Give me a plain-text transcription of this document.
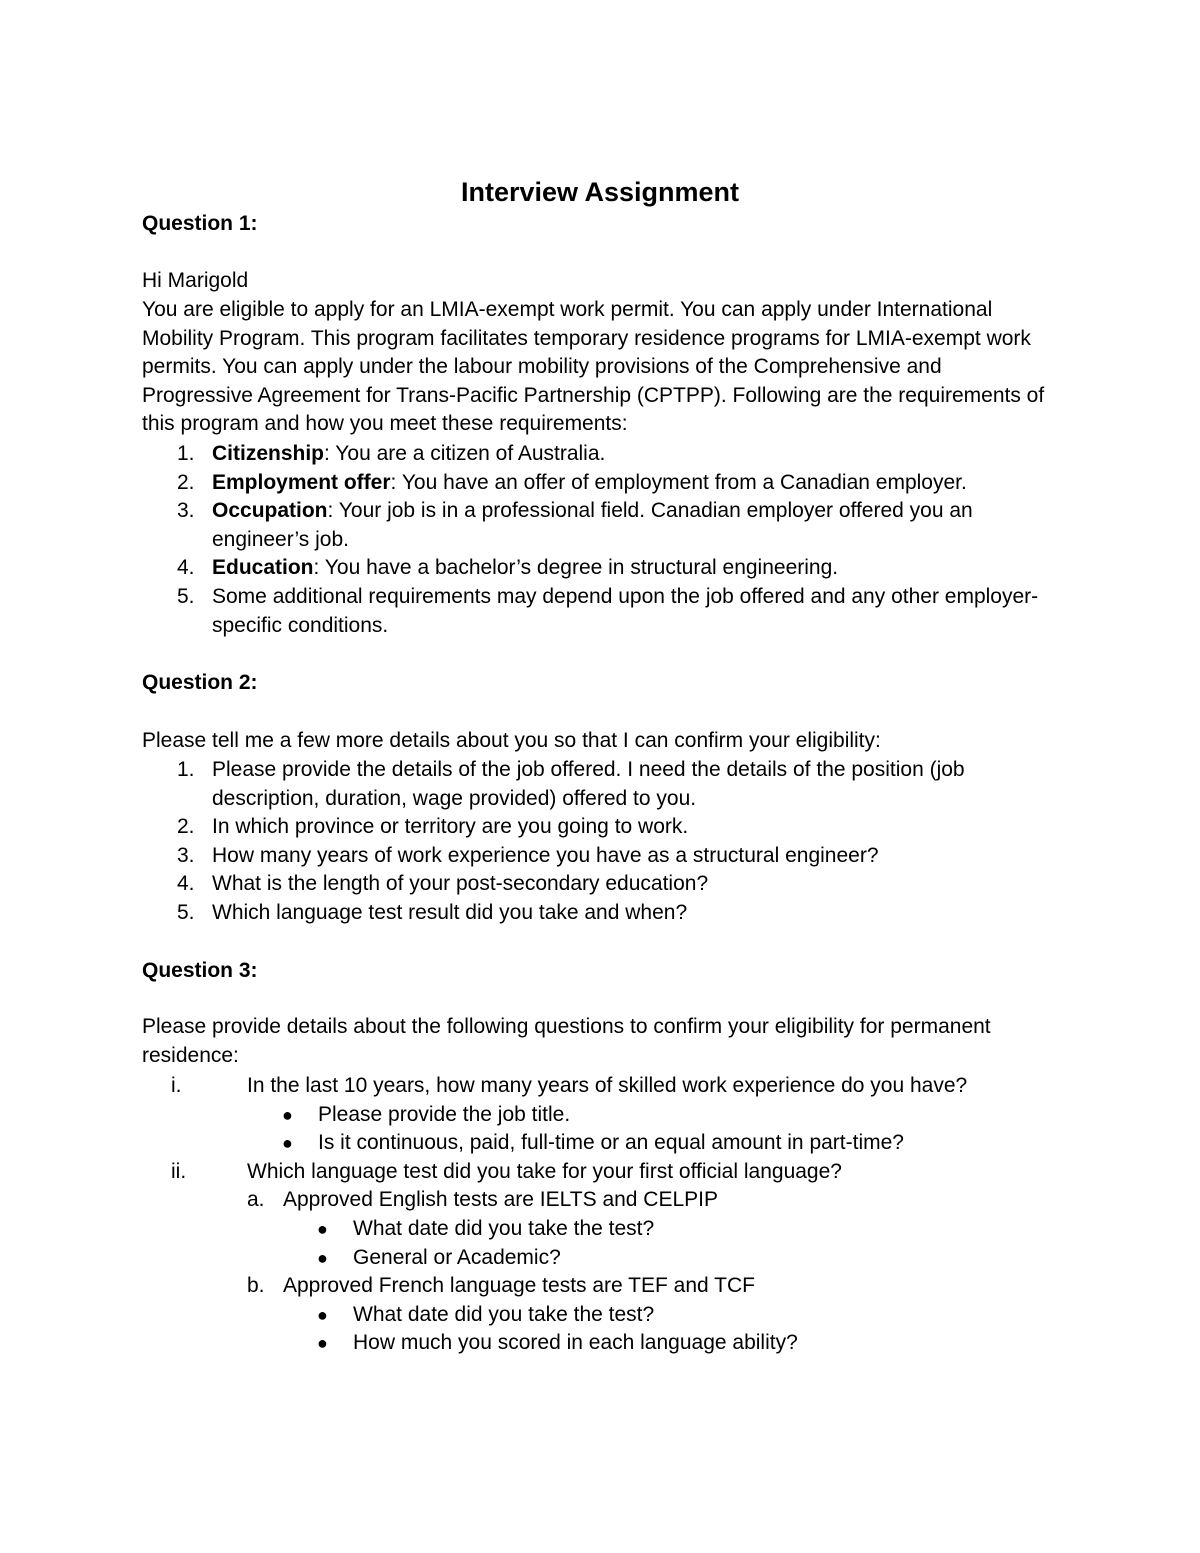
Interview Assignment

Question 1:

Hi Marigold

You are eligible to apply for an LMIA-exempt work permit. You can apply under International Mobility Program. This program facilitates temporary residence programs for LMIA-exempt work permits. You can apply under the labour mobility provisions of the Comprehensive and Progressive Agreement for Trans-Pacific Partnership (CPTPP). Following are the requirements of this program and how you meet these requirements:

1. Citizenship: You are a citizen of Australia.
2. Employment offer: You have an offer of employment from a Canadian employer.
3. Occupation: Your job is in a professional field. Canadian employer offered you an engineer’s job.
4. Education: You have a bachelor’s degree in structural engineering.
5. Some additional requirements may depend upon the job offered and any other employer-specific conditions.

Question 2:

Please tell me a few more details about you so that I can confirm your eligibility:

1. Please provide the details of the job offered. I need the details of the position (job description, duration, wage provided) offered to you.
2. In which province or territory are you going to work.
3. How many years of work experience you have as a structural engineer?
4. What is the length of your post-secondary education?
5. Which language test result did you take and when?

Question 3:

Please provide details about the following questions to confirm your eligibility for permanent residence:

i.	In the last 10 years, how many years of skilled work experience do you have?
● Please provide the job title.
● Is it continuous, paid, full-time or an equal amount in part-time?
ii.	Which language test did you take for your first official language?
a. Approved English tests are IELTS and CELPIP
● What date did you take the test?
● General or Academic?
b. Approved French language tests are TEF and TCF
● What date did you take the test?
● How much you scored in each language ability?
